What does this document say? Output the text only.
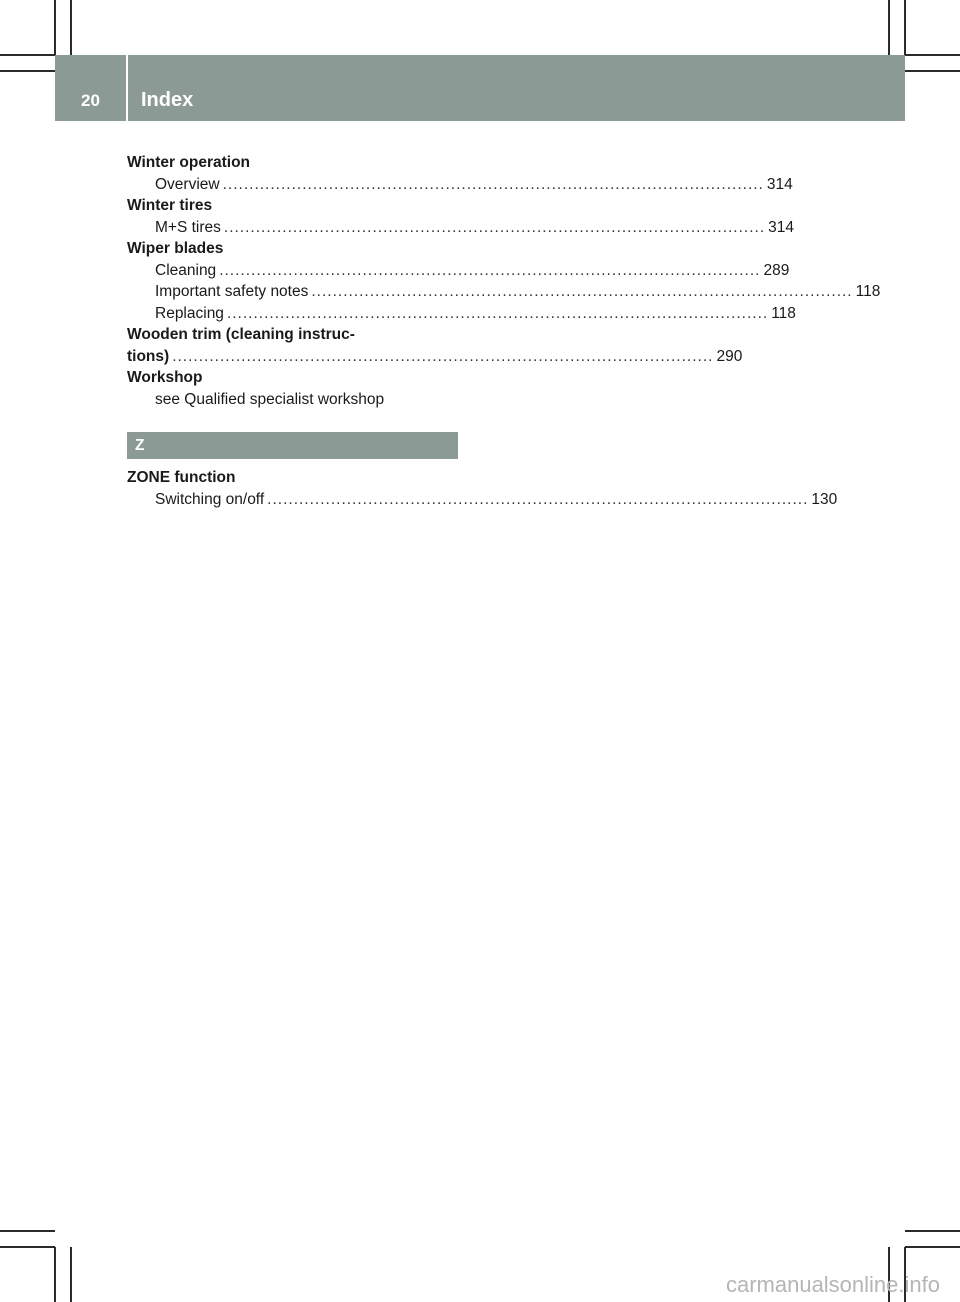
20	Index
Winter operation
Overview ...................................................................................................... 314
Winter tires
M+S tires ...................................................................................................... 314
Wiper blades
Cleaning ...................................................................................................... 289
Important safety notes ...................................................................................................... 118
Replacing ...................................................................................................... 118
Wooden trim (cleaning instruc-
tions) ...................................................................................................... 290
Workshop
see Qualified specialist workshop
Z
ZONE function
Switching on/off ...................................................................................................... 130
carmanualsonline.info
